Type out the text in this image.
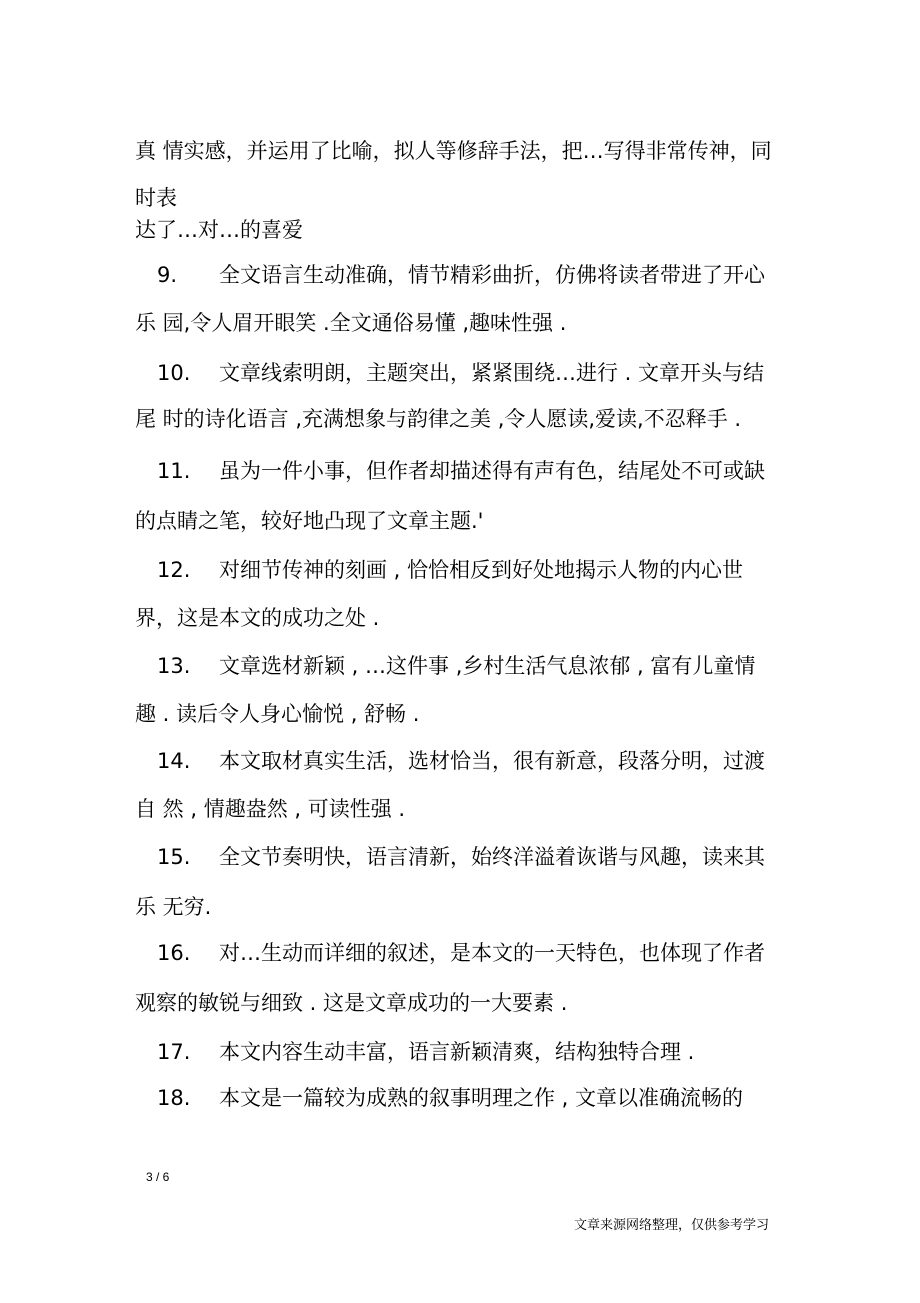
真 情实感，并运用了比喻，拟人等修辞手法，把…写得非常传神，同
时表
达了…对…的喜爱
9. 全文语言生动准确，情节精彩曲折，仿佛将读者带进了开心
乐 园,令人眉开眼笑 .全文通俗易懂 ,趣味性强 .
10. 文章线索明朗，主题突出，紧紧围绕…进行 . 文章开头与结
尾 时的诗化语言 ,充满想象与韵律之美 ,令人愿读,爱读,不忍释手 .
11. 虽为一件小事，但作者却描述得有声有色，结尾处不可或缺
的点睛之笔，较好地凸现了文章主题.'
12. 对细节传神的刻画 , 恰恰相反到好处地揭示人物的内心世
界，这是本文的成功之处 .
13. 文章选材新颖 , …这件事 ,乡村生活气息浓郁 , 富有儿童情
趣 . 读后令人身心愉悦 , 舒畅 .
14. 本文取材真实生活，选材恰当，很有新意，段落分明，过渡
自 然 , 情趣盎然 , 可读性强 .
15. 全文节奏明快，语言清新，始终洋溢着诙谐与风趣，读来其
乐 无穷.
16. 对…生动而详细的叙述，是本文的一天特色，也体现了作者
观察的敏锐与细致 . 这是文章成功的一大要素 .
17. 本文内容生动丰富，语言新颖清爽，结构独特合理 .
18. 本文是一篇较为成熟的叙事明理之作 , 文章以准确流畅的
3 / 6
文章来源网络整理，仅供参考学习
